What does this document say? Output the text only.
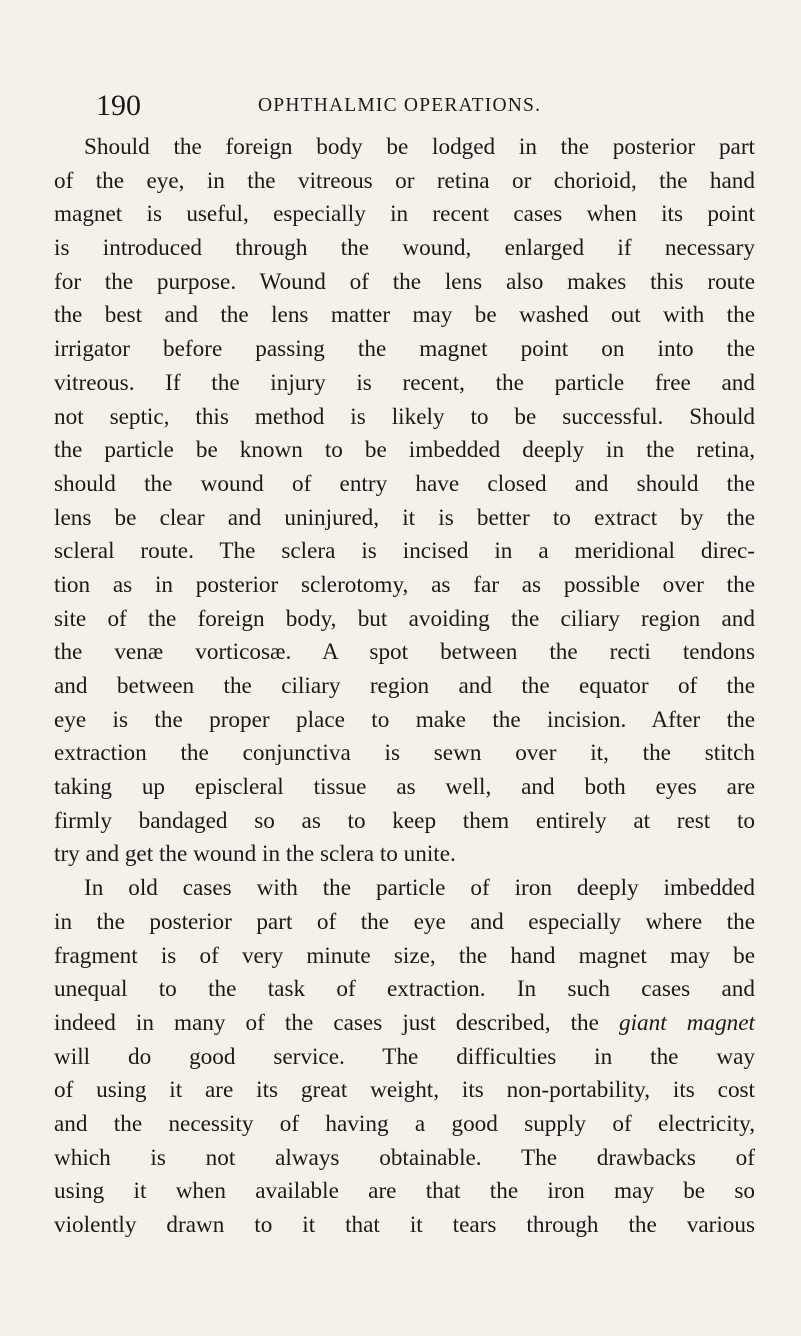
190	OPHTHALMIC OPERATIONS.
Should the foreign body be lodged in the posterior part
of the eye, in the vitreous or retina or chorioid, the hand
magnet is useful, especially in recent cases when its point
is introduced through the wound, enlarged if necessary
for the purpose. Wound of the lens also makes this route
the best and the lens matter may be washed out with the
irrigator before passing the magnet point on into the
vitreous. If the injury is recent, the particle free and
not septic, this method is likely to be successful. Should
the particle be known to be imbedded deeply in the retina,
should the wound of entry have closed and should the
lens be clear and uninjured, it is better to extract by the
scleral route. The sclera is incised in a meridional direc-
tion as in posterior sclerotomy, as far as possible over the
site of the foreign body, but avoiding the ciliary region and
the venæ vorticosæ. A spot between the recti tendons
and between the ciliary region and the equator of the
eye is the proper place to make the incision. After the
extraction the conjunctiva is sewn over it, the stitch
taking up episcleral tissue as well, and both eyes are
firmly bandaged so as to keep them entirely at rest to
try and get the wound in the sclera to unite.
In old cases with the particle of iron deeply imbedded
in the posterior part of the eye and especially where the
fragment is of very minute size, the hand magnet may be
unequal to the task of extraction. In such cases and
indeed in many of the cases just described, the giant magnet
will do good service. The difficulties in the way
of using it are its great weight, its non-portability, its cost
and the necessity of having a good supply of electricity,
which is not always obtainable. The drawbacks of
using it when available are that the iron may be so
violently drawn to it that it tears through the various
